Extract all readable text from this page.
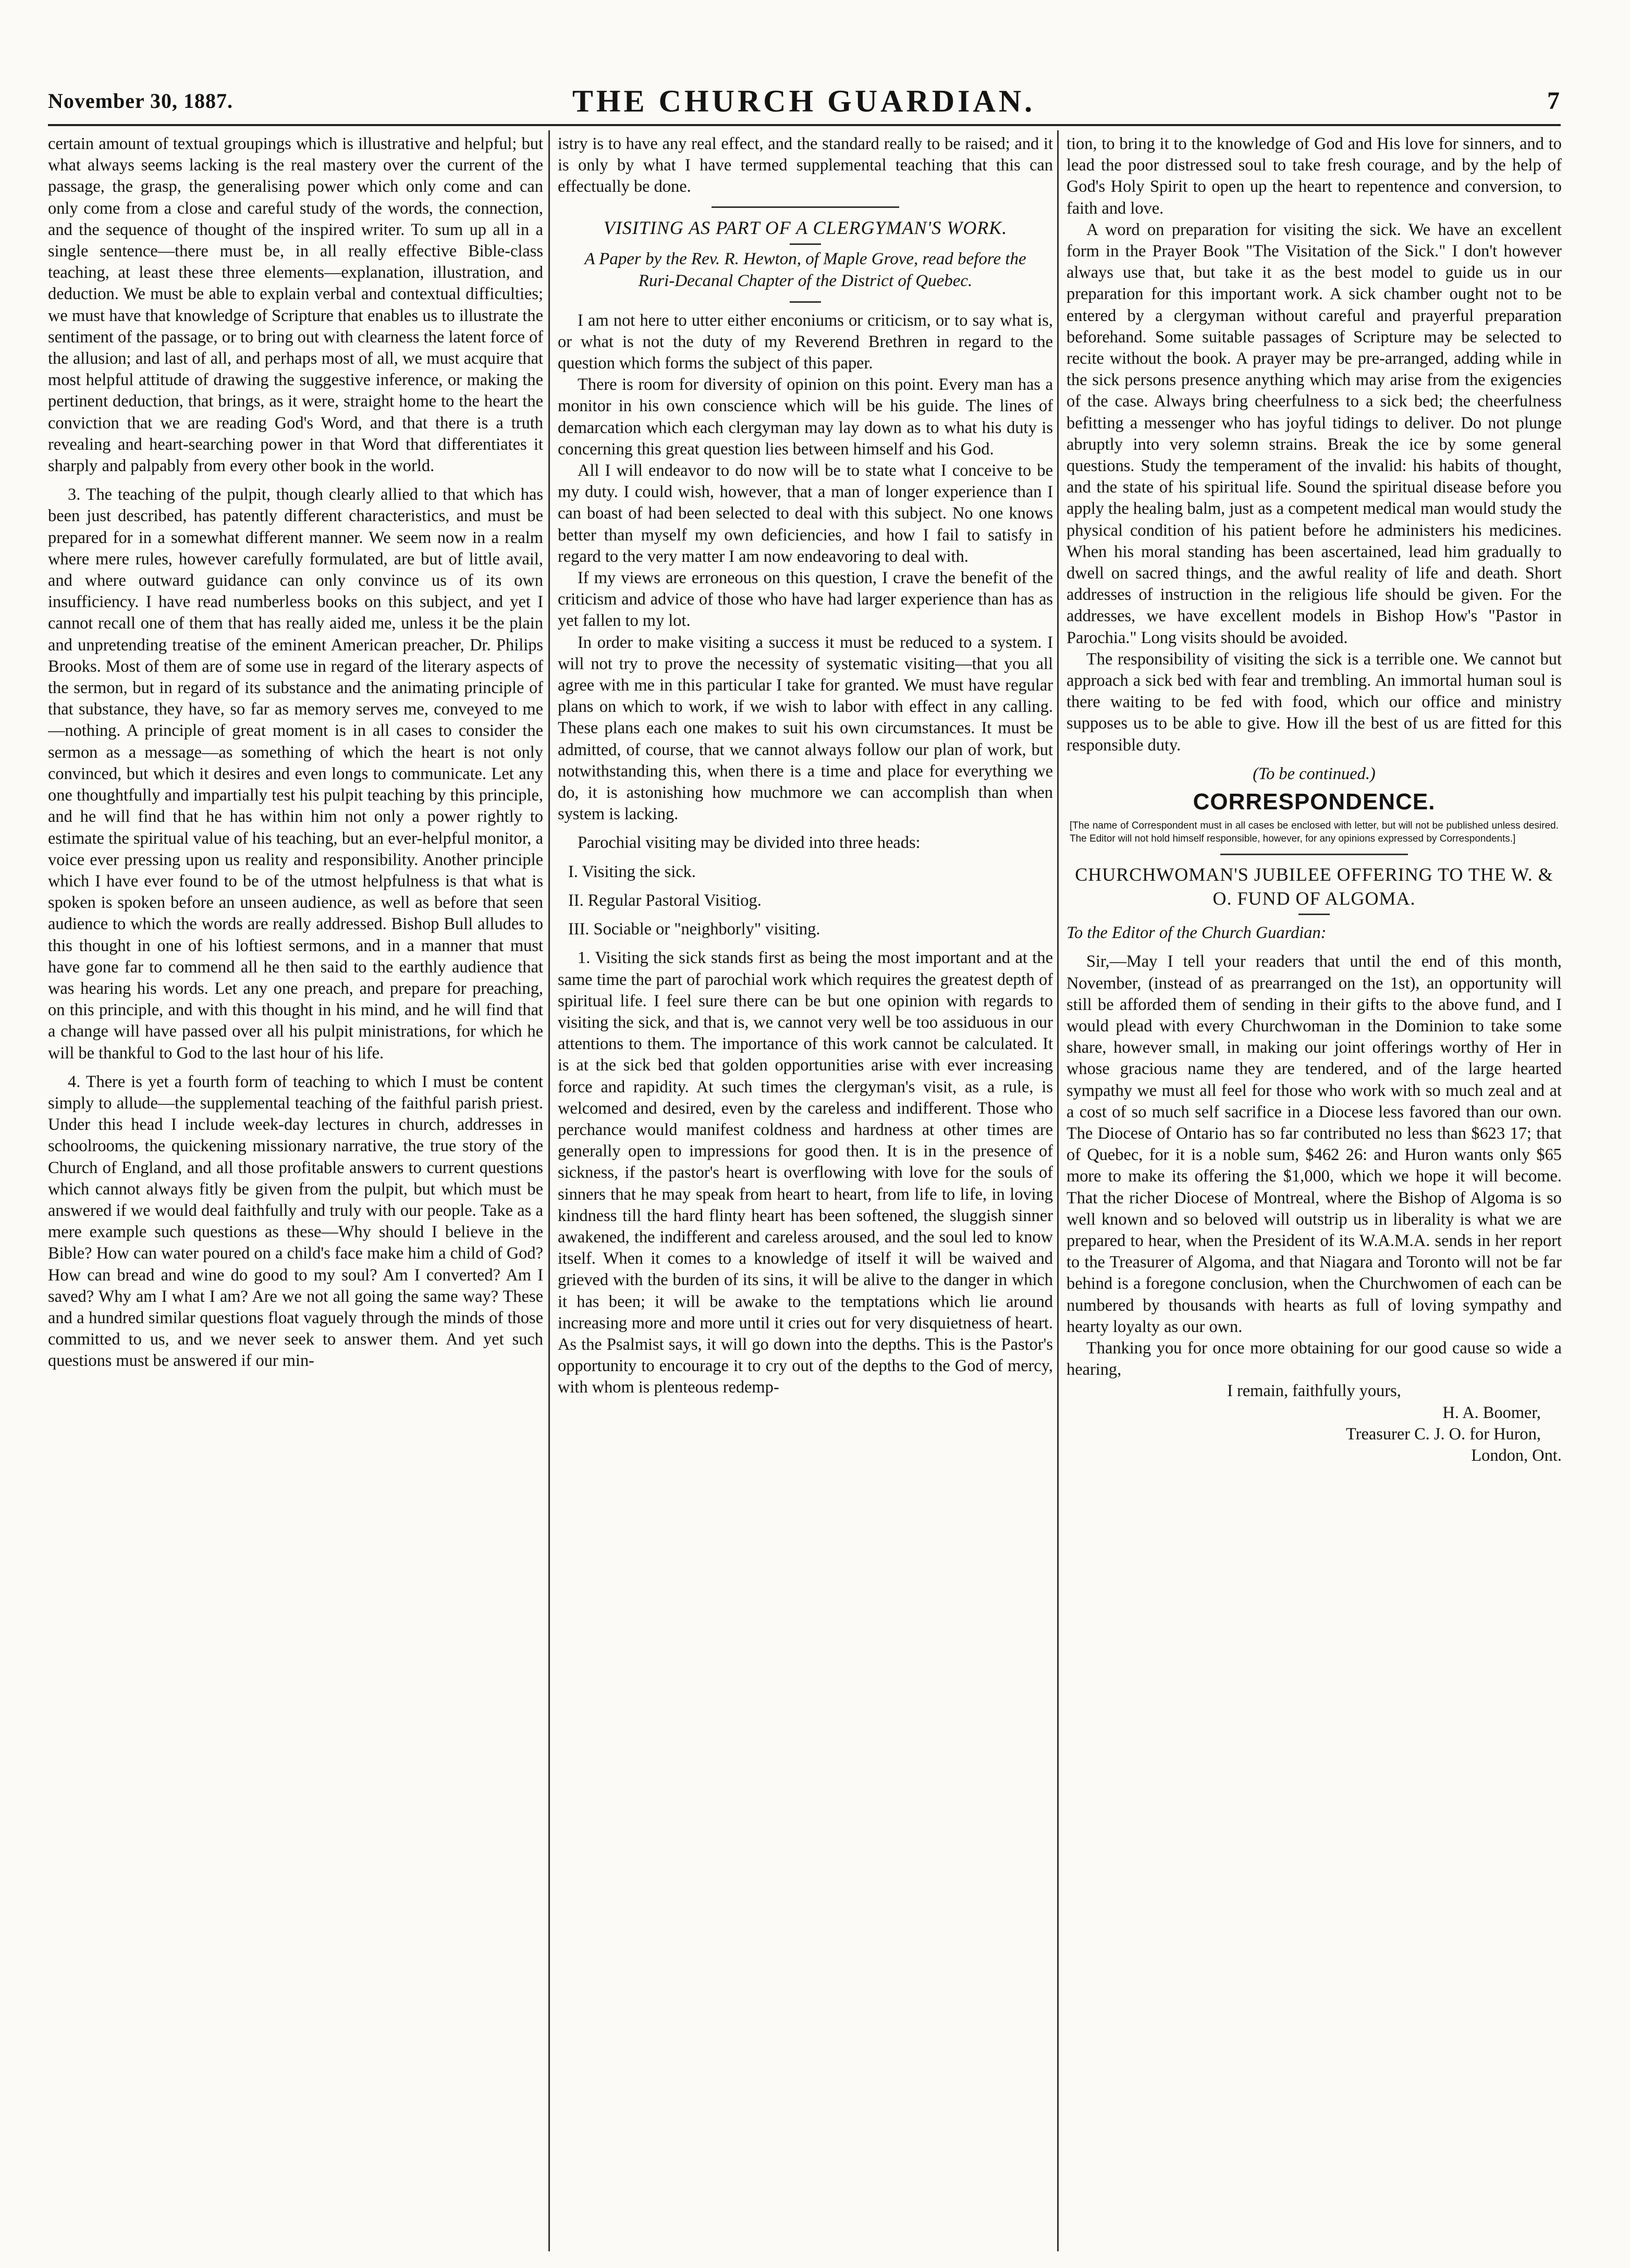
November 30, 1887.	THE CHURCH GUARDIAN.	7

certain amount of textual groupings which is illustrative and helpful; but what always seems lacking is the real mastery over the current of the passage, the grasp, the generalising power which only come and can only come from a close and careful study of the words, the connection, and the sequence of thought of the inspired writer. To sum up all in a single sentence—there must be, in all really effective Bible-class teaching, at least these three elements—explanation, illustration, and deduction. We must be able to explain verbal and contextual difficulties; we must have that knowledge of Scripture that enables us to illustrate the sentiment of the passage, or to bring out with clearness the latent force of the allusion; and last of all, and perhaps most of all, we must acquire that most helpful attitude of drawing the suggestive inference, or making the pertinent deduction, that brings, as it were, straight home to the heart the conviction that we are reading God's Word, and that there is a truth revealing and heart-searching power in that Word that differentiates it sharply and palpably from every other book in the world.

3. The teaching of the pulpit, though clearly allied to that which has been just described, has patently different characteristics, and must be prepared for in a somewhat different manner. We seem now in a realm where mere rules, however carefully formulated, are but of little avail, and where outward guidance can only convince us of its own insufficiency. I have read numberless books on this subject, and yet I cannot recall one of them that has really aided me, unless it be the plain and unpretending treatise of the eminent American preacher, Dr. Philips Brooks. Most of them are of some use in regard of the literary aspects of the sermon, but in regard of its substance and the animating principle of that substance, they have, so far as memory serves me, conveyed to me—nothing. A principle of great moment is in all cases to consider the sermon as a message—as something of which the heart is not only convinced, but which it desires and even longs to communicate. Let any one thoughtfully and impartially test his pulpit teaching by this principle, and he will find that he has within him not only a power rightly to estimate the spiritual value of his teaching, but an ever-helpful monitor, a voice ever pressing upon us reality and responsibility. Another principle which I have ever found to be of the utmost helpfulness is that what is spoken is spoken before an unseen audience, as well as before that seen audience to which the words are really addressed. Bishop Bull alludes to this thought in one of his loftiest sermons, and in a manner that must have gone far to commend all he then said to the earthly audience that was hearing his words. Let any one preach, and prepare for preaching, on this principle, and with this thought in his mind, and he will find that a change will have passed over all his pulpit ministrations, for which he will be thankful to God to the last hour of his life.

4. There is yet a fourth form of teaching to which I must be content simply to allude—the supplemental teaching of the faithful parish priest. Under this head I include week-day lectures in church, addresses in schoolrooms, the quickening missionary narrative, the true story of the Church of England, and all those profitable answers to current questions which cannot always fitly be given from the pulpit, but which must be answered if we would deal faithfully and truly with our people. Take as a mere example such questions as these—Why should I believe in the Bible? How can water poured on a child's face make him a child of God? How can bread and wine do good to my soul? Am I converted? Am I saved? Why am I what I am? Are we not all going the same way? These and a hundred similar questions float vaguely through the minds of those committed to us, and we never seek to answer them. And yet such questions must be answered if our min-

istry is to have any real effect, and the standard really to be raised; and it is only by what I have termed supplemental teaching that this can effectually be done.

VISITING AS PART OF A CLERGYMAN'S WORK.
A Paper by the Rev. R. Hewton, of Maple Grove, read before the Ruri-Decanal Chapter of the District of Quebec.

I am not here to utter either enconiums or criticism, or to say what is, or what is not the duty of my Reverend Brethren in regard to the question which forms the subject of this paper.

There is room for diversity of opinion on this point. Every man has a monitor in his own conscience which will be his guide. The lines of demarcation which each clergyman may lay down as to what his duty is concerning this great question lies between himself and his God.

All I will endeavor to do now will be to state what I conceive to be my duty. I could wish, however, that a man of longer experience than I can boast of had been selected to deal with this subject. No one knows better than myself my own deficiencies, and how I fail to satisfy in regard to the very matter I am now endeavoring to deal with.

If my views are erroneous on this question, I crave the benefit of the criticism and advice of those who have had larger experience than has as yet fallen to my lot.

In order to make visiting a success it must be reduced to a system. I will not try to prove the necessity of systematic visiting—that you all agree with me in this particular I take for granted. We must have regular plans on which to work, if we wish to labor with effect in any calling. These plans each one makes to suit his own circumstances. It must be admitted, of course, that we cannot always follow our plan of work, but notwithstanding this, when there is a time and place for everything we do, it is astonishing how muchmore we can accomplish than when system is lacking.

Parochial visiting may be divided into three heads:

I. Visiting the sick.

II. Regular Pastoral Visitiog.

III. Sociable or "neighborly" visiting.

1. Visiting the sick stands first as being the most important and at the same time the part of parochial work which requires the greatest depth of spiritual life. I feel sure there can be but one opinion with regards to visiting the sick, and that is, we cannot very well be too assiduous in our attentions to them. The importance of this work cannot be calculated. It is at the sick bed that golden opportunities arise with ever increasing force and rapidity. At such times the clergyman's visit, as a rule, is welcomed and desired, even by the careless and indifferent. Those who perchance would manifest coldness and hardness at other times are generally open to impressions for good then. It is in the presence of sickness, if the pastor's heart is overflowing with love for the souls of sinners that he may speak from heart to heart, from life to life, in loving kindness till the hard flinty heart has been softened, the sluggish sinner awakened, the indifferent and careless aroused, and the soul led to know itself. When it comes to a knowledge of itself it will be waived and grieved with the burden of its sins, it will be alive to the danger in which it has been; it will be awake to the temptations which lie around increasing more and more until it cries out for very disquietness of heart. As the Psalmist says, it will go down into the depths. This is the Pastor's opportunity to encourage it to cry out of the depths to the God of mercy, with whom is plenteous redemp-

tion, to bring it to the knowledge of God and His love for sinners, and to lead the poor distressed soul to take fresh courage, and by the help of God's Holy Spirit to open up the heart to repentence and conversion, to faith and love.

A word on preparation for visiting the sick. We have an excellent form in the Prayer Book "The Visitation of the Sick." I don't however always use that, but take it as the best model to guide us in our preparation for this important work. A sick chamber ought not to be entered by a clergyman without careful and prayerful preparation beforehand. Some suitable passages of Scripture may be selected to recite without the book. A prayer may be pre-arranged, adding while in the sick persons presence anything which may arise from the exigencies of the case. Always bring cheerfulness to a sick bed; the cheerfulness befitting a messenger who has joyful tidings to deliver. Do not plunge abruptly into very solemn strains. Break the ice by some general questions. Study the temperament of the invalid: his habits of thought, and the state of his spiritual life. Sound the spiritual disease before you apply the healing balm, just as a competent medical man would study the physical condition of his patient before he administers his medicines. When his moral standing has been ascertained, lead him gradually to dwell on sacred things, and the awful reality of life and death. Short addresses of instruction in the religious life should be given. For the addresses, we have excellent models in Bishop How's "Pastor in Parochia." Long visits should be avoided.

The responsibility of visiting the sick is a terrible one. We cannot but approach a sick bed with fear and trembling. An immortal human soul is there waiting to be fed with food, which our office and ministry supposes us to be able to give. How ill the best of us are fitted for this responsible duty.

(To be continued.)

CORRESPONDENCE.

[The name of Correspondent must in all cases be enclosed with letter, but will not be published unless desired. The Editor will not hold himself responsible, however, for any opinions expressed by Correspondents.]

CHURCHWOMAN'S JUBILEE OFFERING TO THE W. & O. FUND OF ALGOMA.

To the Editor of the Church Guardian:

Sir,—May I tell your readers that until the end of this month, November, (instead of as prearranged on the 1st), an opportunity will still be afforded them of sending in their gifts to the above fund, and I would plead with every Churchwoman in the Dominion to take some share, however small, in making our joint offerings worthy of Her in whose gracious name they are tendered, and of the large hearted sympathy we must all feel for those who work with so much zeal and at a cost of so much self sacrifice in a Diocese less favored than our own. The Diocese of Ontario has so far contributed no less than $623 17; that of Quebec, for it is a noble sum, $462 26: and Huron wants only $65 more to make its offering the $1,000, which we hope it will become. That the richer Diocese of Montreal, where the Bishop of Algoma is so well known and so beloved will outstrip us in liberality is what we are prepared to hear, when the President of its W.A.M.A. sends in her report to the Treasurer of Algoma, and that Niagara and Toronto will not be far behind is a foregone conclusion, when the Churchwomen of each can be numbered by thousands with hearts as full of loving sympathy and hearty loyalty as our own.

Thanking you for once more obtaining for our good cause so wide a hearing,

I remain, faithfully yours,

H. A. Boomer,

Treasurer C. J. O. for Huron,

London, Ont.
